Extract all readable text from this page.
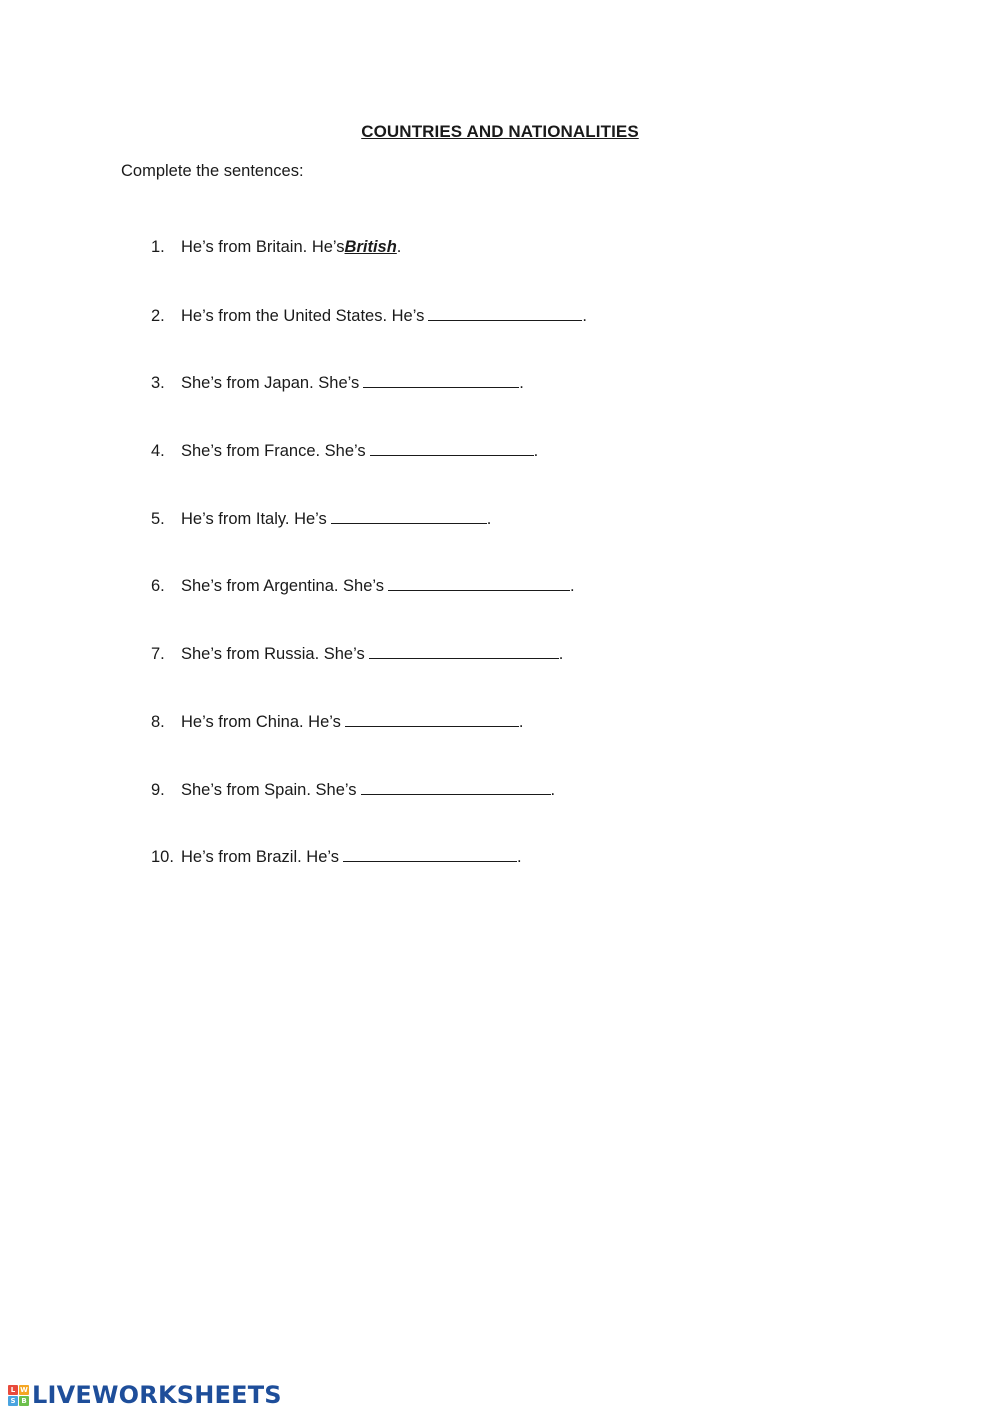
COUNTRIES AND NATIONALITIES
Complete the sentences:
1. He’s from Britain. He’sBritish.
2. He’s from the United States. He’s	.
3. She’s from Japan. She’s	.
4. She’s from France. She’s	.
5. He’s from Italy. He’s	.
6. She’s from Argentina. She’s	.
7. She’s from Russia. She’s	.
8. He’s from China. He’s	.
9. She’s from Spain. She’s	.
10. He’s from Brazil. He’s	.
L W
S B LIVEWORKSHEETS
